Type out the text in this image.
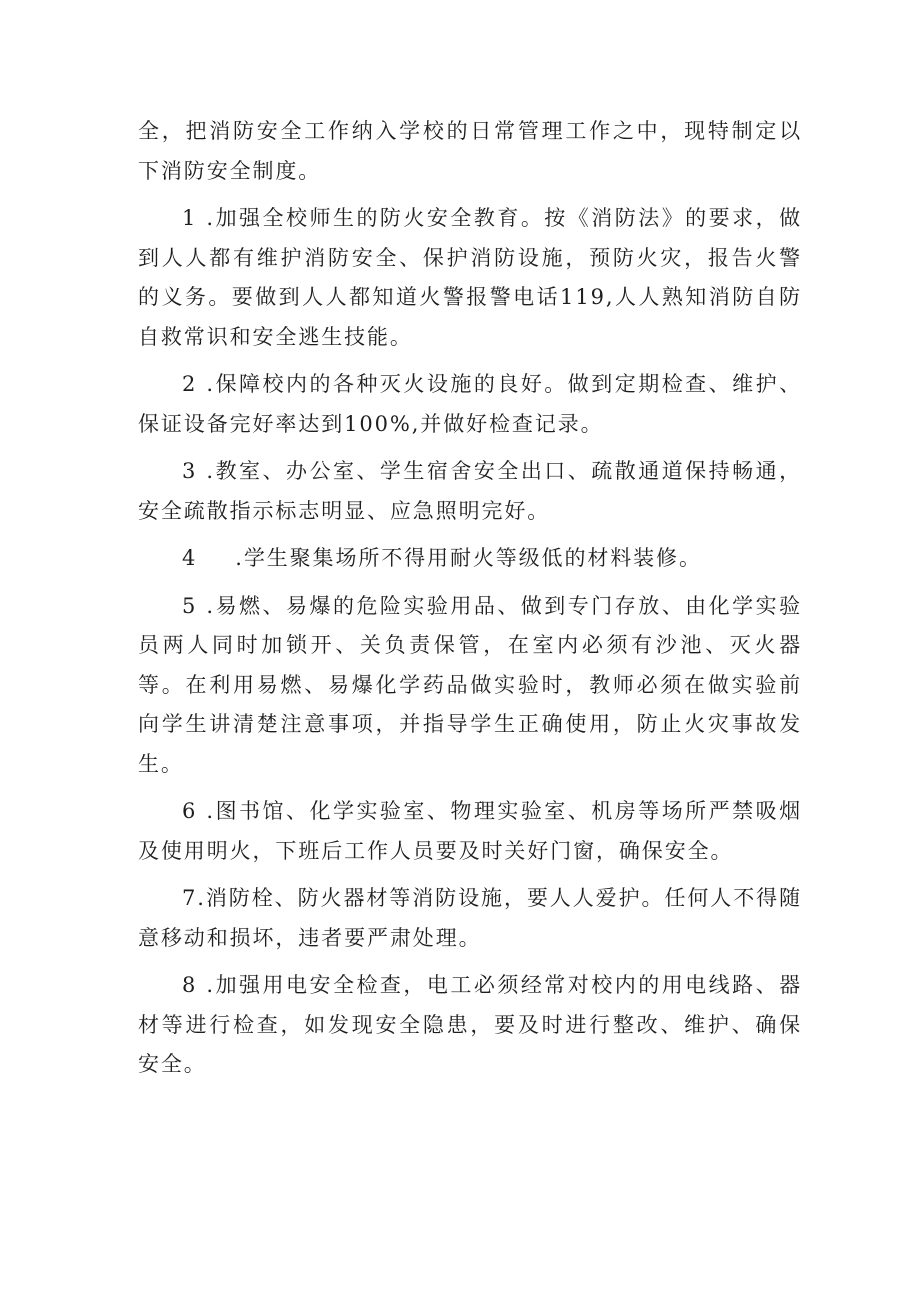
全，把消防安全工作纳入学校的日常管理工作之中，现特制定以下消防安全制度。

1 .加强全校师生的防火安全教育。按《消防法》的要求，做到人人都有维护消防安全、保护消防设施，预防火灾，报告火警的义务。要做到人人都知道火警报警电话119,人人熟知消防自防自救常识和安全逃生技能。

2 .保障校内的各种灭火设施的良好。做到定期检查、维护、保证设备完好率达到100%,并做好检查记录。

3 .教室、办公室、学生宿舍安全出口、疏散通道保持畅通，安全疏散指示标志明显、应急照明完好。

4 .学生聚集场所不得用耐火等级低的材料装修。

5 .易燃、易爆的危险实验用品、做到专门存放、由化学实验员两人同时加锁开、关负责保管，在室内必须有沙池、灭火器等。在利用易燃、易爆化学药品做实验时，教师必须在做实验前向学生讲清楚注意事项，并指导学生正确使用，防止火灾事故发生。

6 .图书馆、化学实验室、物理实验室、机房等场所严禁吸烟及使用明火，下班后工作人员要及时关好门窗，确保安全。

7.消防栓、防火器材等消防设施，要人人爱护。任何人不得随意移动和损坏，违者要严肃处理。

8 .加强用电安全检查，电工必须经常对校内的用电线路、器材等进行检查，如发现安全隐患，要及时进行整改、维护、确保安全。
